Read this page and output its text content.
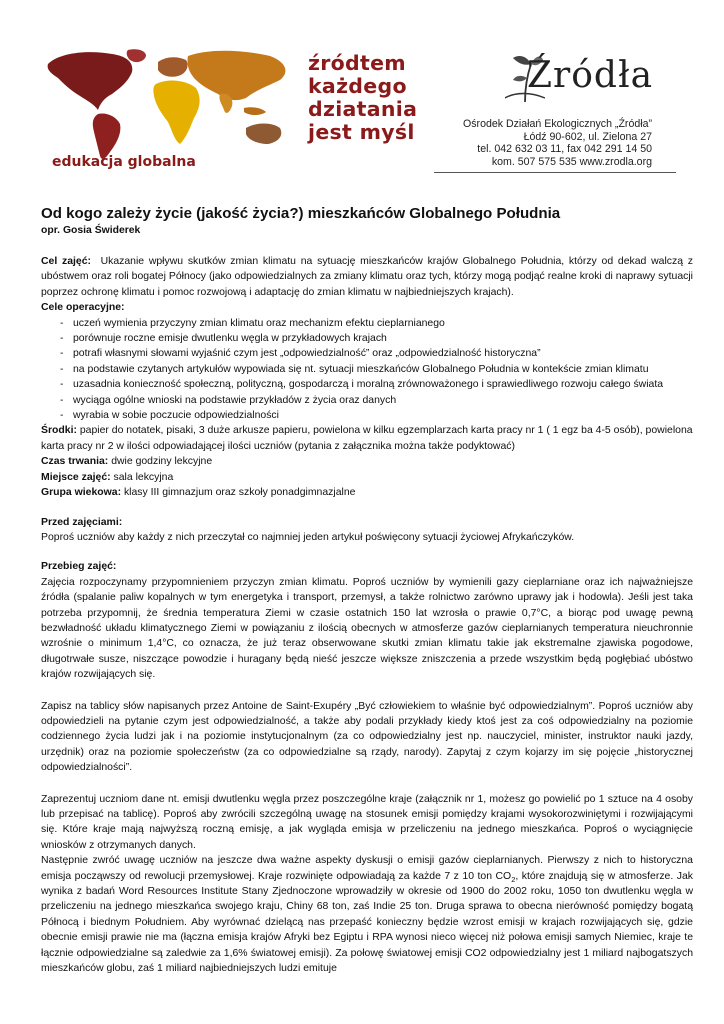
edukacja globalna
źródtem
każdego
dziatania
jest myśl
Źródła
Ośrodek Działań Ekologicznych „Źródła”
Łódź 90-602, ul. Zielona 27
tel. 042 632 03 11, fax 042 291 14 50
kom. 507 575 535 www.zrodla.org
Od kogo zależy życie (jakość życia?) mieszkańców Globalnego Południa

opr. Gosia Świderek

Cel zajęć: Ukazanie wpływu skutków zmian klimatu na sytuację mieszkańców krajów Globalnego Południa, którzy od dekad walczą z ubóstwem oraz roli bogatej Północy (jako odpowiedzialnych za zmiany klimatu oraz tych, którzy mogą podjąć realne kroki di naprawy sytuacji poprzez ochronę klimatu i pomoc rozwojową i adaptację do zmian klimatu w najbiedniejszych krajach).

Cele operacyjne:

- uczeń wymienia przyczyny zmian klimatu oraz mechanizm efektu cieplarnianego
- porównuje roczne emisje dwutlenku węgla w przykładowych krajach
- potrafi własnymi słowami wyjaśnić czym jest „odpowiedzialność” oraz „odpowiedzialność historyczna”
- na podstawie czytanych artykułów wypowiada się nt. sytuacji mieszkańców Globalnego Południa w kontekście zmian klimatu
- uzasadnia konieczność społeczną, polityczną, gospodarczą i moralną zrównoważonego i sprawiedliwego rozwoju całego świata
- wyciąga ogólne wnioski na podstawie przykładów z życia oraz danych
- wyrabia w sobie poczucie odpowiedzialności

Środki: papier do notatek, pisaki, 3 duże arkusze papieru, powielona w kilku egzemplarzach karta pracy nr 1 ( 1 egz ba 4-5 osób), powielona karta pracy nr 2 w ilości odpowiadającej ilości uczniów (pytania z załącznika można także podyktować)

Czas trwania: dwie godziny lekcyjne

Miejsce zajęć: sala lekcyjna

Grupa wiekowa: klasy III gimnazjum oraz szkoły ponadgimnazjalne

Przed zajęciami:

Poproś uczniów aby każdy z nich przeczytał co najmniej jeden artykuł poświęcony sytuacji życiowej Afrykańczyków.

Przebieg zajęć:

Zajęcia rozpoczynamy przypomnieniem przyczyn zmian klimatu. Poproś uczniów by wymienili gazy cieplarniane oraz ich najważniejsze źródła (spalanie paliw kopalnych w tym energetyka i transport, przemysł, a także rolnictwo zarówno uprawy jak i hodowla). Jeśli jest taka potrzeba przypomnij, że średnia temperatura Ziemi w czasie ostatnich 150 lat wzrosła o prawie 0,7°C, a biorąc pod uwagę pewną bezwładność układu klimatycznego Ziemi w powiązaniu z ilością obecnych w atmosferze gazów cieplarnianych temperatura nieuchronnie wzrośnie o minimum 1,4°C, co oznacza, że już teraz obserwowane skutki zmian klimatu takie jak ekstremalne zjawiska pogodowe, długotrwałe susze, niszczące powodzie i huragany będą nieść jeszcze większe zniszczenia a przede wszystkim będą pogłębiać ubóstwo krajów rozwijających się.

Zapisz na tablicy słów napisanych przez Antoine de Saint-Exupéry „Być człowiekiem to właśnie być odpowiedzialnym”. Poproś uczniów aby odpowiedzieli na pytanie czym jest odpowiedzialność, a także aby podali przykłady kiedy ktoś jest za coś odpowiedzialny na poziomie codziennego życia ludzi jak i na poziomie instytucjonalnym (za co odpowiedzialny jest np. nauczyciel, minister, instruktor nauki jazdy, urzędnik) oraz na poziomie społeczeństw (za co odpowiedzialne są rządy, narody). Zapytaj z czym kojarzy im się pojęcie „historycznej odpowiedzialności”.

Zaprezentuj uczniom dane nt. emisji dwutlenku węgla przez poszczególne kraje (załącznik nr 1, możesz go powielić po 1 sztuce na 4 osoby lub przepisać na tablicę). Poproś aby zwrócili szczególną uwagę na stosunek emisji pomiędzy krajami wysokorozwiniętymi i rozwijającymi się. Które kraje mają najwyższą roczną emisję, a jak wygląda emisja w przeliczeniu na jednego mieszkańca. Poproś o wyciągnięcie wniosków z otrzymanych danych.

Następnie zwróć uwagę uczniów na jeszcze dwa ważne aspekty dyskusji o emisji gazów cieplarnianych. Pierwszy z nich to historyczna emisja począwszy od rewolucji przemysłowej. Kraje rozwinięte odpowiadają za każde 7 z 10 ton $CO_2$, które znajdują się w atmosferze. Jak wynika z badań Word Resources Institute Stany Zjednoczone wprowadziły w okresie od 1900 do 2002 roku, 1050 ton dwutlenku węgla w przeliczeniu na jednego mieszkańca swojego kraju, Chiny 68 ton, zaś Indie 25 ton. Druga sprawa to obecna nierówność pomiędzy bogatą Północą i biednym Południem. Aby wyrównać dzielącą nas przepaść konieczny będzie wzrost emisji w krajach rozwijających się, gdzie obecnie emisji prawie nie ma (łączna emisja krajów Afryki bez Egiptu i RPA wynosi nieco więcej niż połowa emisji samych Niemiec, kraje te łącznie odpowiedzialne są zaledwie za 1,6% światowej emisji). Za połowę światowej emisji CO2 odpowiedzialny jest 1 miliard najbogatszych mieszkańców globu, zaś 1 miliard najbiedniejszych ludzi emituje
